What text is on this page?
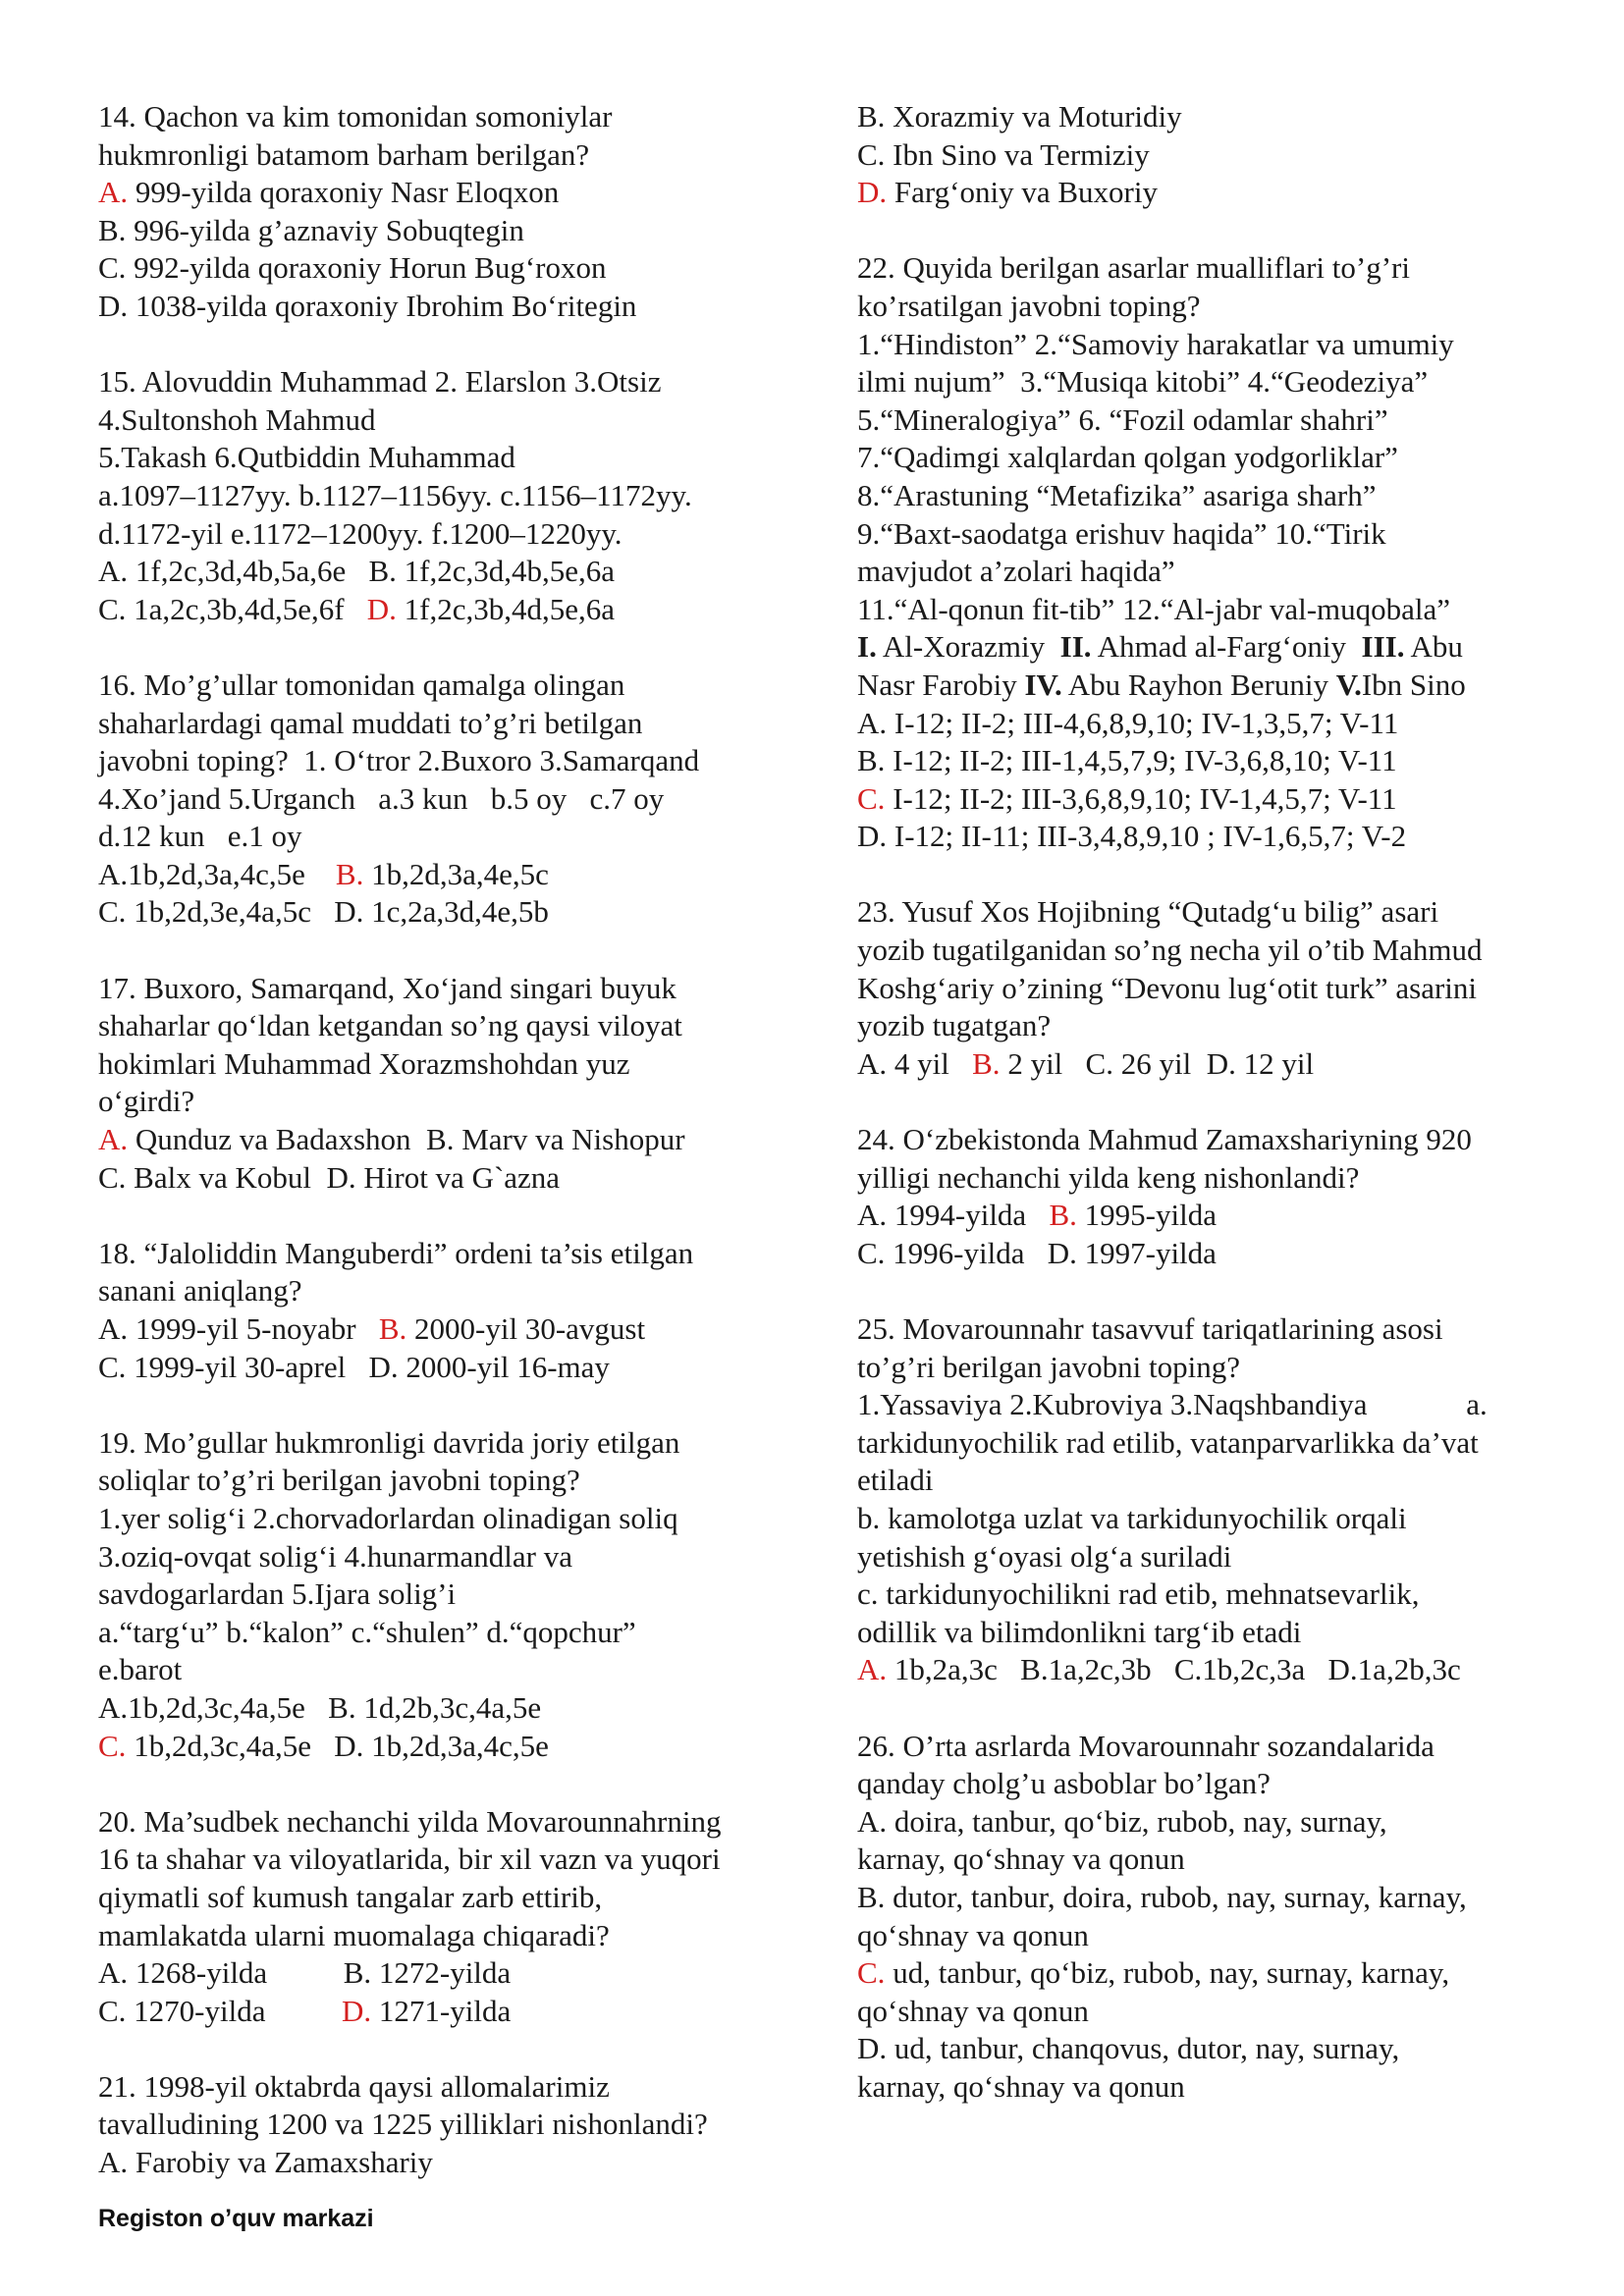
14. Qachon va kim tomonidan somoniylar
hukmronligi batamom barham berilgan?
A. 999-yilda qoraxoniy Nasr Eloqxon
B. 996-yilda g’aznaviy Sobuqtegin
C. 992-yilda qoraxoniy Horun Bug‘roxon
D. 1038-yilda qoraxoniy Ibrohim Bo‘ritegin
15. Alovuddin Muhammad 2. Elarslon 3.Otsiz
4.Sultonshoh Mahmud
5.Takash 6.Qutbiddin Muhammad
a.1097–1127yy. b.1127–1156yy. c.1156–1172yy.
d.1172-yil e.1172–1200yy. f.1200–1220yy.
A. 1f,2c,3d,4b,5a,6e   B. 1f,2c,3d,4b,5e,6a
C. 1a,2c,3b,4d,5e,6f   D. 1f,2c,3b,4d,5e,6a
16. Mo’g’ullar tomonidan qamalga olingan
shaharlardagi qamal muddati to’g’ri betilgan
javobni toping?  1. O‘tror 2.Buxoro 3.Samarqand
4.Xo’jand 5.Urganch   a.3 kun   b.5 oy   c.7 oy
d.12 kun   e.1 oy
A.1b,2d,3a,4c,5e    B. 1b,2d,3a,4e,5c
C. 1b,2d,3e,4a,5c   D. 1c,2a,3d,4e,5b
17. Buxoro, Samarqand, Xo‘jand singari buyuk
shaharlar qo‘ldan ketgandan so’ng qaysi viloyat
hokimlari Muhammad Xorazmshohdan yuz
o‘girdi?
A. Qunduz va Badaxshon  B. Marv va Nishopur
C. Balx va Kobul  D. Hirot va G`azna
18. “Jaloliddin Manguberdi” ordeni ta’sis etilgan
sanani aniqlang?
A. 1999-yil 5-noyabr   B. 2000-yil 30-avgust
C. 1999-yil 30-aprel   D. 2000-yil 16-may
19. Mo’gullar hukmronligi davrida joriy etilgan
soliqlar to’g’ri berilgan javobni toping?
1.yer solig‘i 2.chorvadorlardan olinadigan soliq
3.oziq-ovqat solig‘i 4.hunarmandlar va
savdogarlardan 5.Ijara solig’i
a.“targ‘u” b.“kalon” c.“shulen” d.“qopchur”
e.barot
A.1b,2d,3c,4a,5e   B. 1d,2b,3c,4a,5e
C. 1b,2d,3c,4a,5e   D. 1b,2d,3a,4c,5e
20. Ma’sudbek nechanchi yilda Movarounnahrning
16 ta shahar va viloyatlarida, bir xil vazn va yuqori
qiymatli sof kumush tangalar zarb ettirib,
mamlakatda ularni muomalaga chiqaradi?
A. 1268-yilda          B. 1272-yilda
C. 1270-yilda          D. 1271-yilda
21. 1998-yil oktabrda qaysi allomalarimiz
tavalludining 1200 va 1225 yilliklari nishonlandi?
A. Farobiy va Zamaxshariy
B. Xorazmiy va Moturidiy
C. Ibn Sino va Termiziy
D. Farg‘oniy va Buxoriy
22. Quyida berilgan asarlar mualliflari to’g’ri
ko’rsatilgan javobni toping?
1.“Hindiston” 2.“Samoviy harakatlar va umumiy
ilmi nujum”  3.“Musiqa kitobi” 4.“Geodeziya”
5.“Mineralogiya” 6. “Fozil odamlar shahri”
7.“Qadimgi xalqlardan qolgan yodgorliklar”
8.“Arastuning “Metafizika” asariga sharh”
9.“Baxt-saodatga erishuv haqida” 10.“Tirik
mavjudot a’zolari haqida”
11.“Al-qonun fit-tib” 12.“Al-jabr val-muqobala”
I. Al-Xorazmiy  II. Ahmad al-Farg‘oniy  III. Abu
Nasr Farobiy IV. Abu Rayhon Beruniy V.Ibn Sino
A. I-12; II-2; III-4,6,8,9,10; IV-1,3,5,7; V-11
B. I-12; II-2; III-1,4,5,7,9; IV-3,6,8,10; V-11
C. I-12; II-2; III-3,6,8,9,10; IV-1,4,5,7; V-11
D. I-12; II-11; III-3,4,8,9,10 ; IV-1,6,5,7; V-2
23. Yusuf Xos Hojibning “Qutadg‘u bilig” asari
yozib tugatilganidan so’ng necha yil o’tib Mahmud
Koshg‘ariy o’zining “Devonu lug‘otit turk” asarini
yozib tugatgan?
A. 4 yil   B. 2 yil   C. 26 yil  D. 12 yil
24. O‘zbekistonda Mahmud Zamaxshariyning 920
yilligi nechanchi yilda keng nishonlandi?
A. 1994-yilda   B. 1995-yilda
C. 1996-yilda   D. 1997-yilda
25. Movarounnahr tasavvuf tariqatlarining asosi
to’g’ri berilgan javobni toping?
1.Yassaviya 2.Kubroviya 3.Naqshbandiya             a.
tarkidunyochilik rad etilib, vatanparvarlikka da’vat
etiladi
b. kamolotga uzlat va tarkidunyochilik orqali
yetishish g‘oyasi olg‘a suriladi
c. tarkidunyochilikni rad etib, mehnatsevarlik,
odillik va bilimdonlikni targ‘ib etadi
A. 1b,2a,3c   B.1a,2c,3b   C.1b,2c,3a   D.1a,2b,3c
26. O’rta asrlarda Movarounnahr sozandalarida
qanday cholg’u asboblar bo’lgan?
A. doira, tanbur, qo‘biz, rubob, nay, surnay,
karnay, qo‘shnay va qonun
B. dutor, tanbur, doira, rubob, nay, surnay, karnay,
qo‘shnay va qonun
C. ud, tanbur, qo‘biz, rubob, nay, surnay, karnay,
qo‘shnay va qonun
D. ud, tanbur, chanqovus, dutor, nay, surnay,
karnay, qo‘shnay va qonun
Registon o’quv markazi
